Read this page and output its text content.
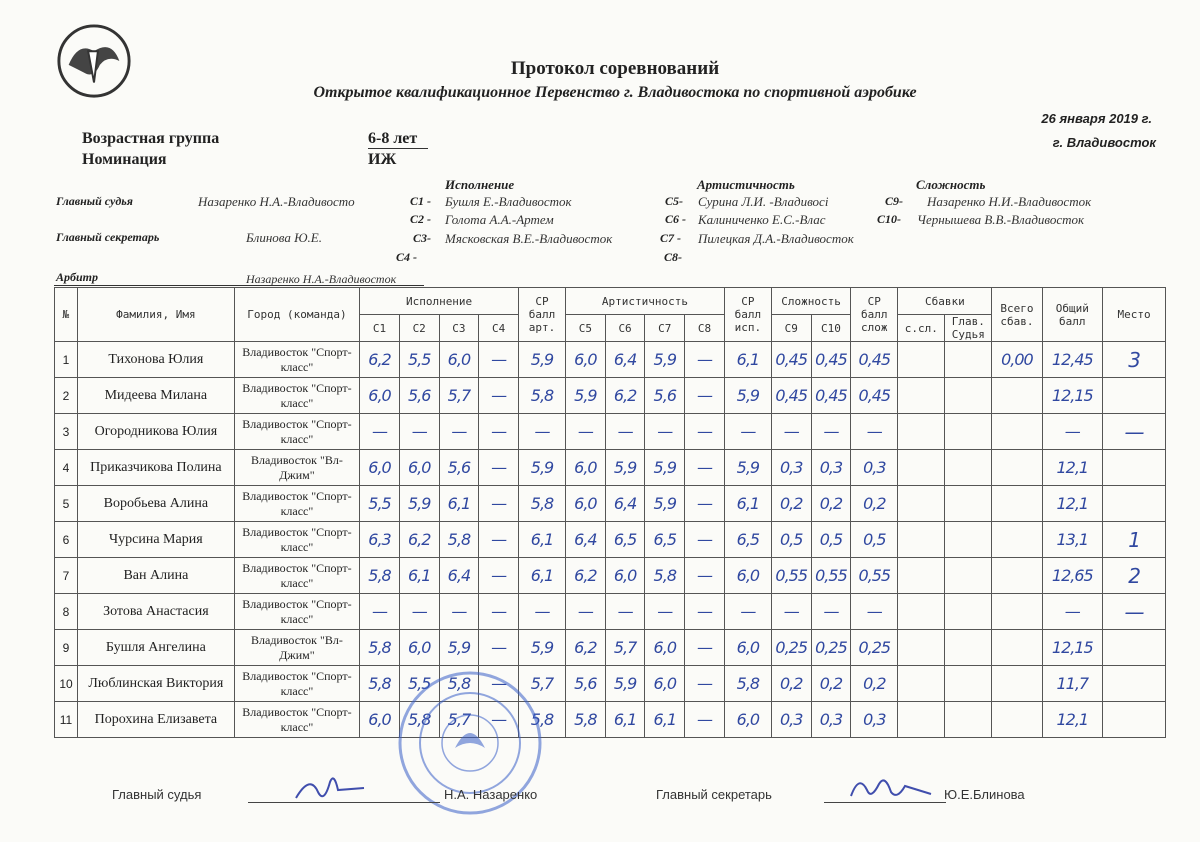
Протокол соревнований
Открытое квалификационное Первенство г. Владивостока по спортивной аэробике
26 января 2019 г.
г. Владивосток
Возрастная группа	6-8 лет
Номинация	ИЖ
Исполнение	Артистичность	Сложность
Главный судья	Назаренко Н.А.-Владивосто
Главный секретарь	Блинова Ю.Е.
С1 - Бушля Е.-Владивосток
С2 - Голота А.А.-Артем
С3- Мясковская В.Е.-Владивосток
С4 -
С5- Сурина Л.И. -Владивосі
С6 - Калиниченко Е.С.-Влас
С7 - Пилецкая Д.А.-Владивосток
С8-
С9- Назаренко Н.И.-Владивосток
С10- Чернышева В.В.-Владивосток
Арбитр	Назаренко Н.А.-Владивосток
№	Фамилия, Имя	Город (команда)	Исполнение				СР балл арт.	Артистичность				СР балл исп.	Сложность		СР балл слож	Сбавки		Всего сбав.	Общий балл	Место
			С1	С2	С3	С4		С5	С6	С7	С8		С9	С10		с.сл.	Глав. Судья			
1	Тихонова Юлия	Владивосток "Спорт-класс"	6,2	5,5	6,0	—	5,9	6,0	6,4	5,9	—	6,1	0,45	0,45	0,45			0,00	12,45	3
2	Мидеева Милана	Владивосток "Спорт-класс"	6,0	5,6	5,7	—	5,8	5,9	6,2	5,6	—	5,9	0,45	0,45	0,45				12,15	
3	Огородникова Юлия	Владивосток "Спорт-класс"	—	—	—	—	—	—	—	—	—	—	—	—	—				—	—
4	Приказчикова Полина	Владивосток "Вл-Джим"	6,0	6,0	5,6	—	5,9	6,0	5,9	5,9	—	5,9	0,3	0,3	0,3				12,1	
5	Воробьева Алина	Владивосток "Спорт-класс"	5,5	5,9	6,1	—	5,8	6,0	6,4	5,9	—	6,1	0,2	0,2	0,2				12,1	
6	Чурсина Мария	Владивосток "Спорт-класс"	6,3	6,2	5,8	—	6,1	6,4	6,5	6,5	—	6,5	0,5	0,5	0,5				13,1	1
7	Ван Алина	Владивосток "Спорт-класс"	5,8	6,1	6,4	—	6,1	6,2	6,0	5,8	—	6,0	0,55	0,55	0,55				12,65	2
8	Зотова Анастасия	Владивосток "Спорт-класс"	—	—	—	—	—	—	—	—	—	—	—	—	—				—	—
9	Бушля Ангелина	Владивосток "Вл-Джим"	5,8	6,0	5,9	—	5,9	6,2	5,7	6,0	—	6,0	0,25	0,25	0,25				12,15	
10	Люблинская Виктория	Владивосток "Спорт-класс"	5,8	5,5	5,8	—	5,7	5,6	5,9	6,0	—	5,8	0,2	0,2	0,2				11,7	
11	Порохина Елизавета	Владивосток "Спорт-класс"	6,0	5,8	5,7	—	5,8	5,8	6,1	6,1	—	6,0	0,3	0,3	0,3				12,1	
Главный судья	Н.А. Назаренко	Главный секретарь	Ю.Е.Блинова
